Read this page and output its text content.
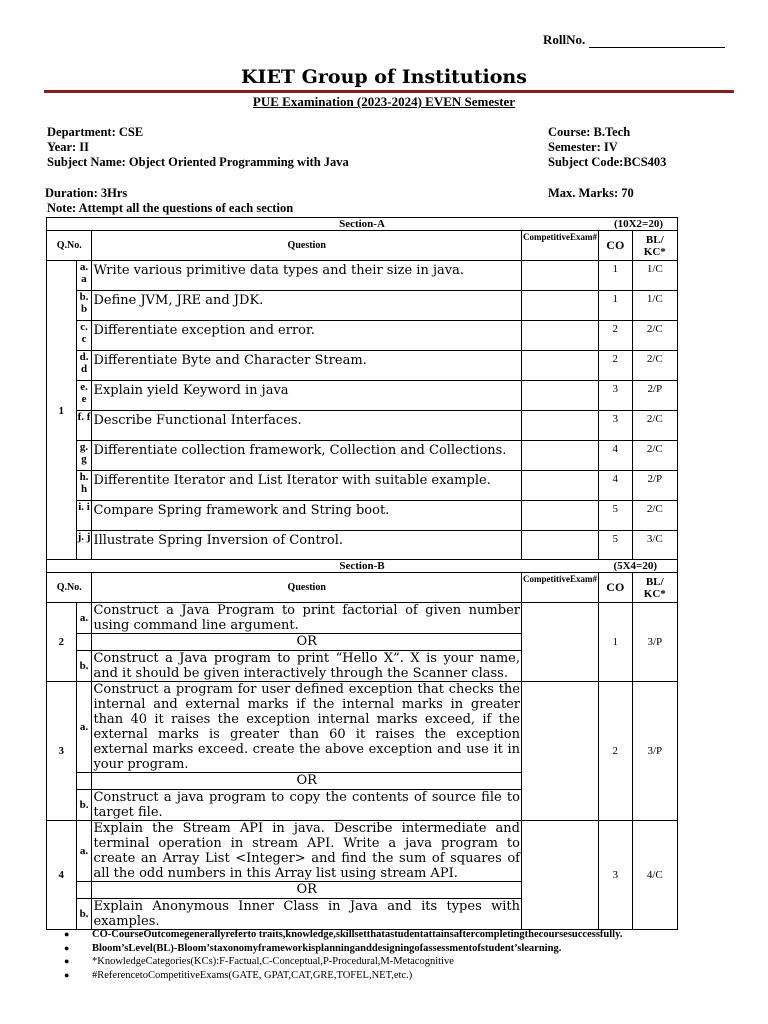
RollNo.
KIET Group of Institutions
PUE Examination (2023-2024) EVEN Semester
Department: CSE
Year: II
Subject Name: Object Oriented Programming with Java
Course: B.Tech
Semester: IV
Subject Code:BCS403
Duration: 3Hrs	Max. Marks: 70
Note: Attempt all the questions of each section
Section-A (10X2=20)					

Q.No.		Question	CompetitiveExam#	CO	BL/ KC*
1	a. a	Write various primitive data types and their size in java.		1	1/C
	b. b	Define JVM, JRE and JDK.		1	1/C
	c. c	Differentiate exception and error.		2	2/C
	d. d	Differentiate Byte and Character Stream.		2	2/C
	e. e	Explain yield Keyword in java		3	2/P
	f. f	Describe Functional Interfaces.		3	2/C
	g. g	Differentiate collection framework, Collection and Collections.		4	2/C
	h. h	Differentite Iterator and List Iterator with suitable example.		4	2/P
	i. i	Compare Spring framework and String boot.		5	2/C
	j. j	Illustrate Spring Inversion of Control.		5	3/C
Section-B (5X4=20)					

Q.No.		Question	CompetitiveExam#	CO	BL/ KC*
2	a.	Construct a Java Program to print factorial of given number using command line argument.		1	3/P
		OR			
	b.	Construct a Java program to print “Hello X”. X is your name, and it should be given interactively through the Scanner class.			
3	a.	Construct a program for user defined exception that checks the internal and external marks if the internal marks in greater than 40 it raises the exception internal marks exceed, if the external marks is greater than 60 it raises the exception external marks exceed. create the above exception and use it in your program.		2	3/P
		OR			
	b.	Construct a java program to copy the contents of source file to target file.			
4	a.	Explain the Stream API in java. Describe intermediate and terminal operation in stream API. Write a java program to create an Array List <Integer> and find the sum of squares of all the odd numbers in this Array list using stream API.		3	4/C
		OR			
	b.	Explain Anonymous Inner Class in Java and its types with examples.			
● CO-CourseOutcomegenerallyreferto traits,knowledge,skillsetthatastudentattainsaftercompletingthecoursesuccessfully.
● Bloom’sLevel(BL)-Bloom’staxonomyframeworkisplanninganddesigningofassessmentofstudent’slearning.
● *KnowledgeCategories(KCs):F-Factual,C-Conceptual,P-Procedural,M-Metacognitive
● #ReferencetoCompetitiveExams(GATE, GPAT,CAT,GRE,TOFEL,NET,etc.)
